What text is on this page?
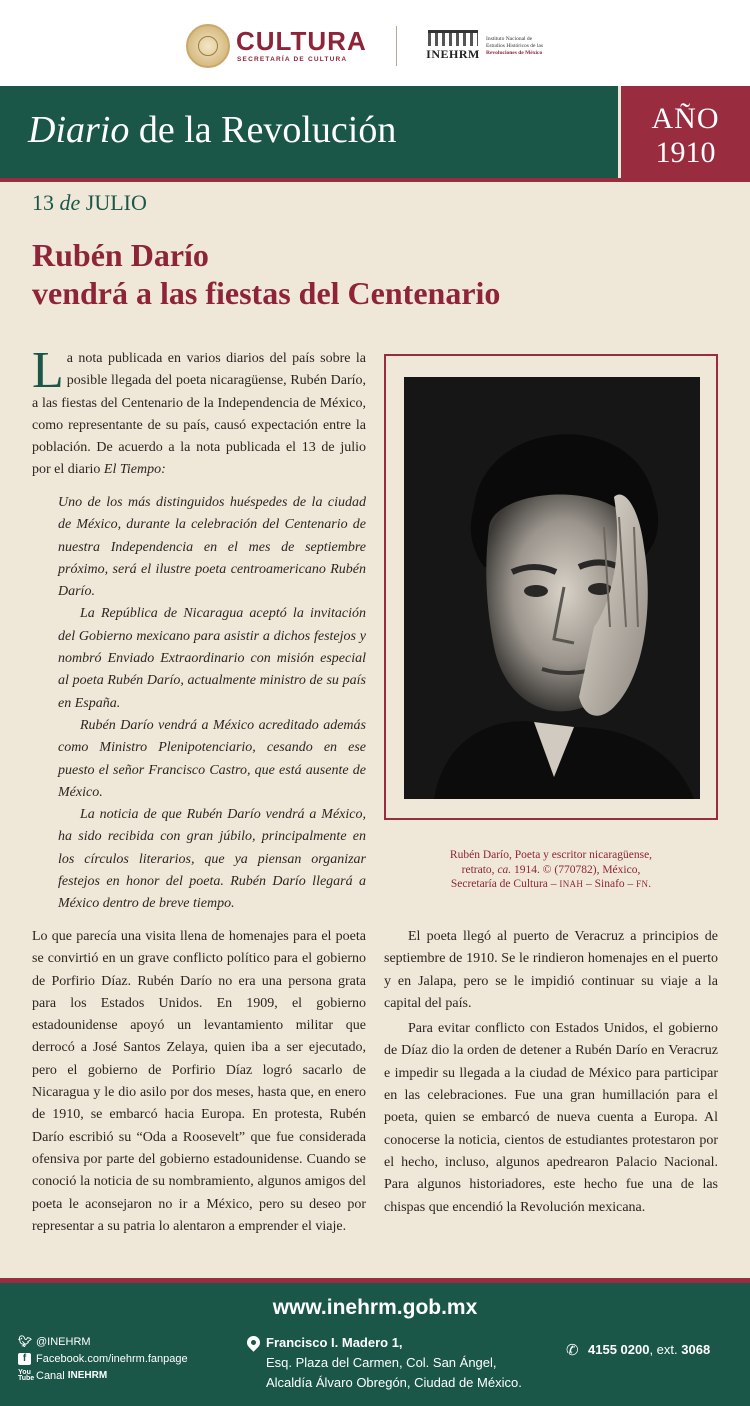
CULTURA
SECRETARÍA DE CULTURA	INEHRM
Instituto Nacional de
Estudios Históricos de las
Revoluciones de México
Diario de la Revolución	AÑO
1910
13 de JULIO
Rubén Darío
vendrá a las fiestas del Centenario
La nota publicada en varios diarios del país sobre la posible llegada del poeta nicaragüense, Rubén Darío, a las fiestas del Centenario de la Independencia de México, como representante de su país, causó expectación entre la población. De acuerdo a la nota publicada el 13 de julio por el diario El Tiempo:

Uno de los más distinguidos huéspedes de la ciudad de México, durante la celebración del Centenario de nuestra Independencia en el mes de septiembre próximo, será el ilustre poeta centroamericano Rubén Darío.

La República de Nicaragua aceptó la invitación del Gobierno mexicano para asistir a dichos festejos y nombró Enviado Extraordinario con misión especial al poeta Rubén Darío, actualmente ministro de su país en España.

Rubén Darío vendrá a México acreditado además como Ministro Plenipotenciario, cesando en ese puesto el señor Francisco Castro, que está ausente de México.

La noticia de que Rubén Darío vendrá a México, ha sido recibida con gran júbilo, principalmente en los círculos literarios, que ya piensan organizar festejos en honor del poeta. Rubén Darío llegará a México dentro de breve tiempo.

Rubén Darío, Poeta y escritor nicaragüense,
retrato, ca. 1914. © (770782), México,
Secretaría de Cultura – INAH – Sinafo – FN.

Lo que parecía una visita llena de homenajes para el poeta se convirtió en un grave conflicto político para el gobierno de Porfirio Díaz. Rubén Darío no era una persona grata para los Estados Unidos. En 1909, el gobierno estadounidense apoyó un levantamiento militar que derrocó a José Santos Zelaya, quien iba a ser ejecutado, pero el gobierno de Porfirio Díaz logró sacarlo de Nicaragua y le dio asilo por dos meses, hasta que, en enero de 1910, se embarcó hacia Europa. En protesta, Rubén Darío escribió su “Oda a Roosevelt” que fue considerada ofensiva por parte del gobierno estadounidense. Cuando se conoció la noticia de su nombramiento, algunos amigos del poeta le aconsejaron no ir a México, pero su deseo por representar a su patria lo alentaron a emprender el viaje.

El poeta llegó al puerto de Veracruz a principios de septiembre de 1910. Se le rindieron homenajes en el puerto y en Jalapa, pero se le impidió continuar su viaje a la capital del país.

Para evitar conflicto con Estados Unidos, el gobierno de Díaz dio la orden de detener a Rubén Darío en Veracruz e impedir su llegada a la ciudad de México para participar en las celebraciones. Fue una gran humillación para el poeta, quien se embarcó de nueva cuenta a Europa. Al conocerse la noticia, cientos de estudiantes protestaron por el hecho, incluso, algunos apedrearon Palacio Nacional. Para algunos historiadores, este hecho fue una de las chispas que encendió la Revolución mexicana.

www.inehrm.gob.mx
🐦︎ @INEHRM
f Facebook.com/inehrm.fanpage
You
Tube Canal INEHRM
Francisco I. Madero 1,
Esq. Plaza del Carmen, Col. San Ángel,
Alcaldía Álvaro Obregón, Ciudad de México.
✆ 4155 0200, ext. 3068
